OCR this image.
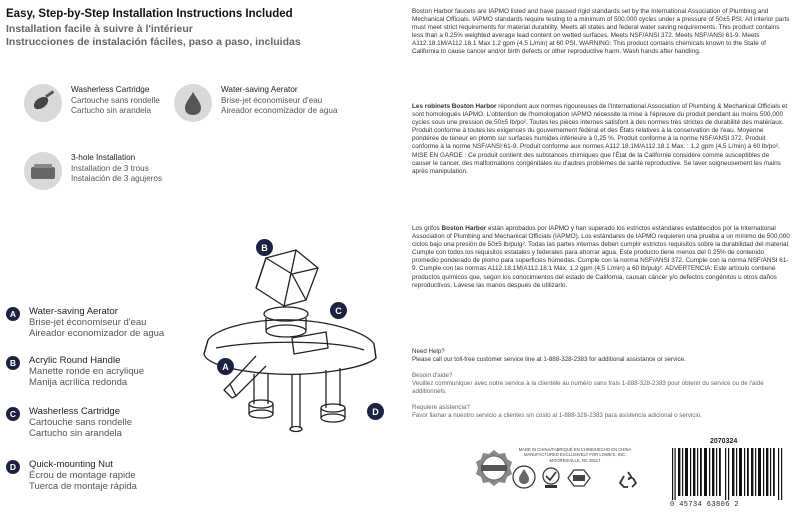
Easy, Step-by-Step Installation Instructions Included
Installation facile à suivre à l'intérieur
Instrucciones de instalación fáciles, paso a paso, incluidas
Washerless Cartridge
Cartouche sans rondelle
Cartucho sin arandela
Water-saving Aerator
Brise-jet économiseur d'eau
Aireador economizador de agua
3-hole Installation
Installation de 3 trous
Instalación de 3 agujeros
A	Water-saving Aerator
Brise-jet économiseur d'eau
Aireador economizador de agua
B	Acrylic Round Handle
Manette ronde en acrylique
Manija acrílica redonda
C	Washerless Cartridge
Cartouche sans rondelle
Cartucho sin arandela
D	Quick-mounting Nut
Écrou de montage rapide
Tuerca de montaje rápida
B
C
A
D
Boston Harbor faucets are IAPMO listed and have passed rigid standards set by the International Association of Plumbing and Mechanical Officials. IAPMO standards require testing to a minimum of 500,000 cycles under a pressure of 50±5 PSI. All interior parts must meet strict requirements for material durability. Meets all states and federal water saving requirements. This product contains less than a 0.25% weighted average lead content on wetted surfaces. Meets NSF/ANSI 372. Meets NSF/ANSI 61-9. Meets A112.18.1M/A112.18.1 Max 1.2 gpm (4.5 L/min) at 60 PSI. WARNING: This product contains chemicals known to the State of California to cause cancer and/or birth defects or other reproductive harm. Wash hands after handling.
Les robinets Boston Harbor répondent aux normes rigoureuses de l'International Association of Plumbing & Mechanical Officials et sont homologués IAPMO. L'obtention de l'homologation IAPMO nécessite la mise à l'épreuve du produit pendant au moins 500,000 cycles sous une pression de 50±5 lb/po². Toutes les pièces internes satisfont à des normes très strictes de durabilité des matériaux. Produit conforme à toutes les exigences du gouvernement fédéral et des États relatives à la conservation de l'eau. Moyenne pondérée de teneur en plomb sur surfaces humides inférieure à 0,25 %. Produit conforme à la norme NSF/ANSI 372. Produit conforme à la norme NSF/ANSI 61-9. Produit conforme aux normes A112.18.1M/A112.18.1 Max. : 1,2 gpm (4,5 L/min) à 60 lb/po². MISE EN GARDE : Ce produit contient des substances chimiques que l'État de la Californie considère comme susceptibles de causer le cancer, des malformations congénitales ou d'autres problèmes de santé reproductive. Se laver soigneusement les mains après manipulation.
Los grifos Boston Harbor están aprobados por IAPMO y han superado los estrictos estándares establecidos por la International Association of Plumbing and Mechanical Officials (IAPMO). Los estándares de IAPMO requieren una prueba a un mínimo de 500,000 ciclos bajo una presión de 50±5 lb/pulg². Todas las partes internas deben cumplir estrictos requisitos sobre la durabilidad del material. Cumple con todos los requisitos estatales y federales para ahorrar agua. Este producto tiene menos del 0.25% de contenido promedio ponderado de plomo para superficies húmedas. Cumple con la norma NSF/ANSI 372. Cumple con la norma NSF/ANSI 61-9. Cumple con las normas A112.18.1M/A112.18.1 Máx. 1,2 gpm (4,5 L/min) a 60 lb/pulg². ADVERTENCIA: Este artículo contiene productos químicos que, según los conocimientos del estado de California, causan cáncer y/o defectos congénitos u otros daños reproductivos. Lávese las manos después de utilizarlo.
Need Help?
Please call our toll-free customer service line at 1-888-328-2383 for additional assistance or service.
Besoin d'aide?
Veuillez communiquer avec notre service à la clientèle au numéro sans frais 1-888-328-2383 pour obtenir du service ou de l'aide additionnels.
Requiere asistencia?
Favor llamar a nuestro servicio a clientes sin costo al 1-888-328-2383 para asistencia adicional o servicio.
MADE IN CHINA/FABRIQUÉ EN CHINE/HECHO EN CHINA MANUFACTURED EXCLUSIVELY FOR LOWE'S, INC. MOORESVILLE, NC 28117
2070324
0 45734 63806 2
